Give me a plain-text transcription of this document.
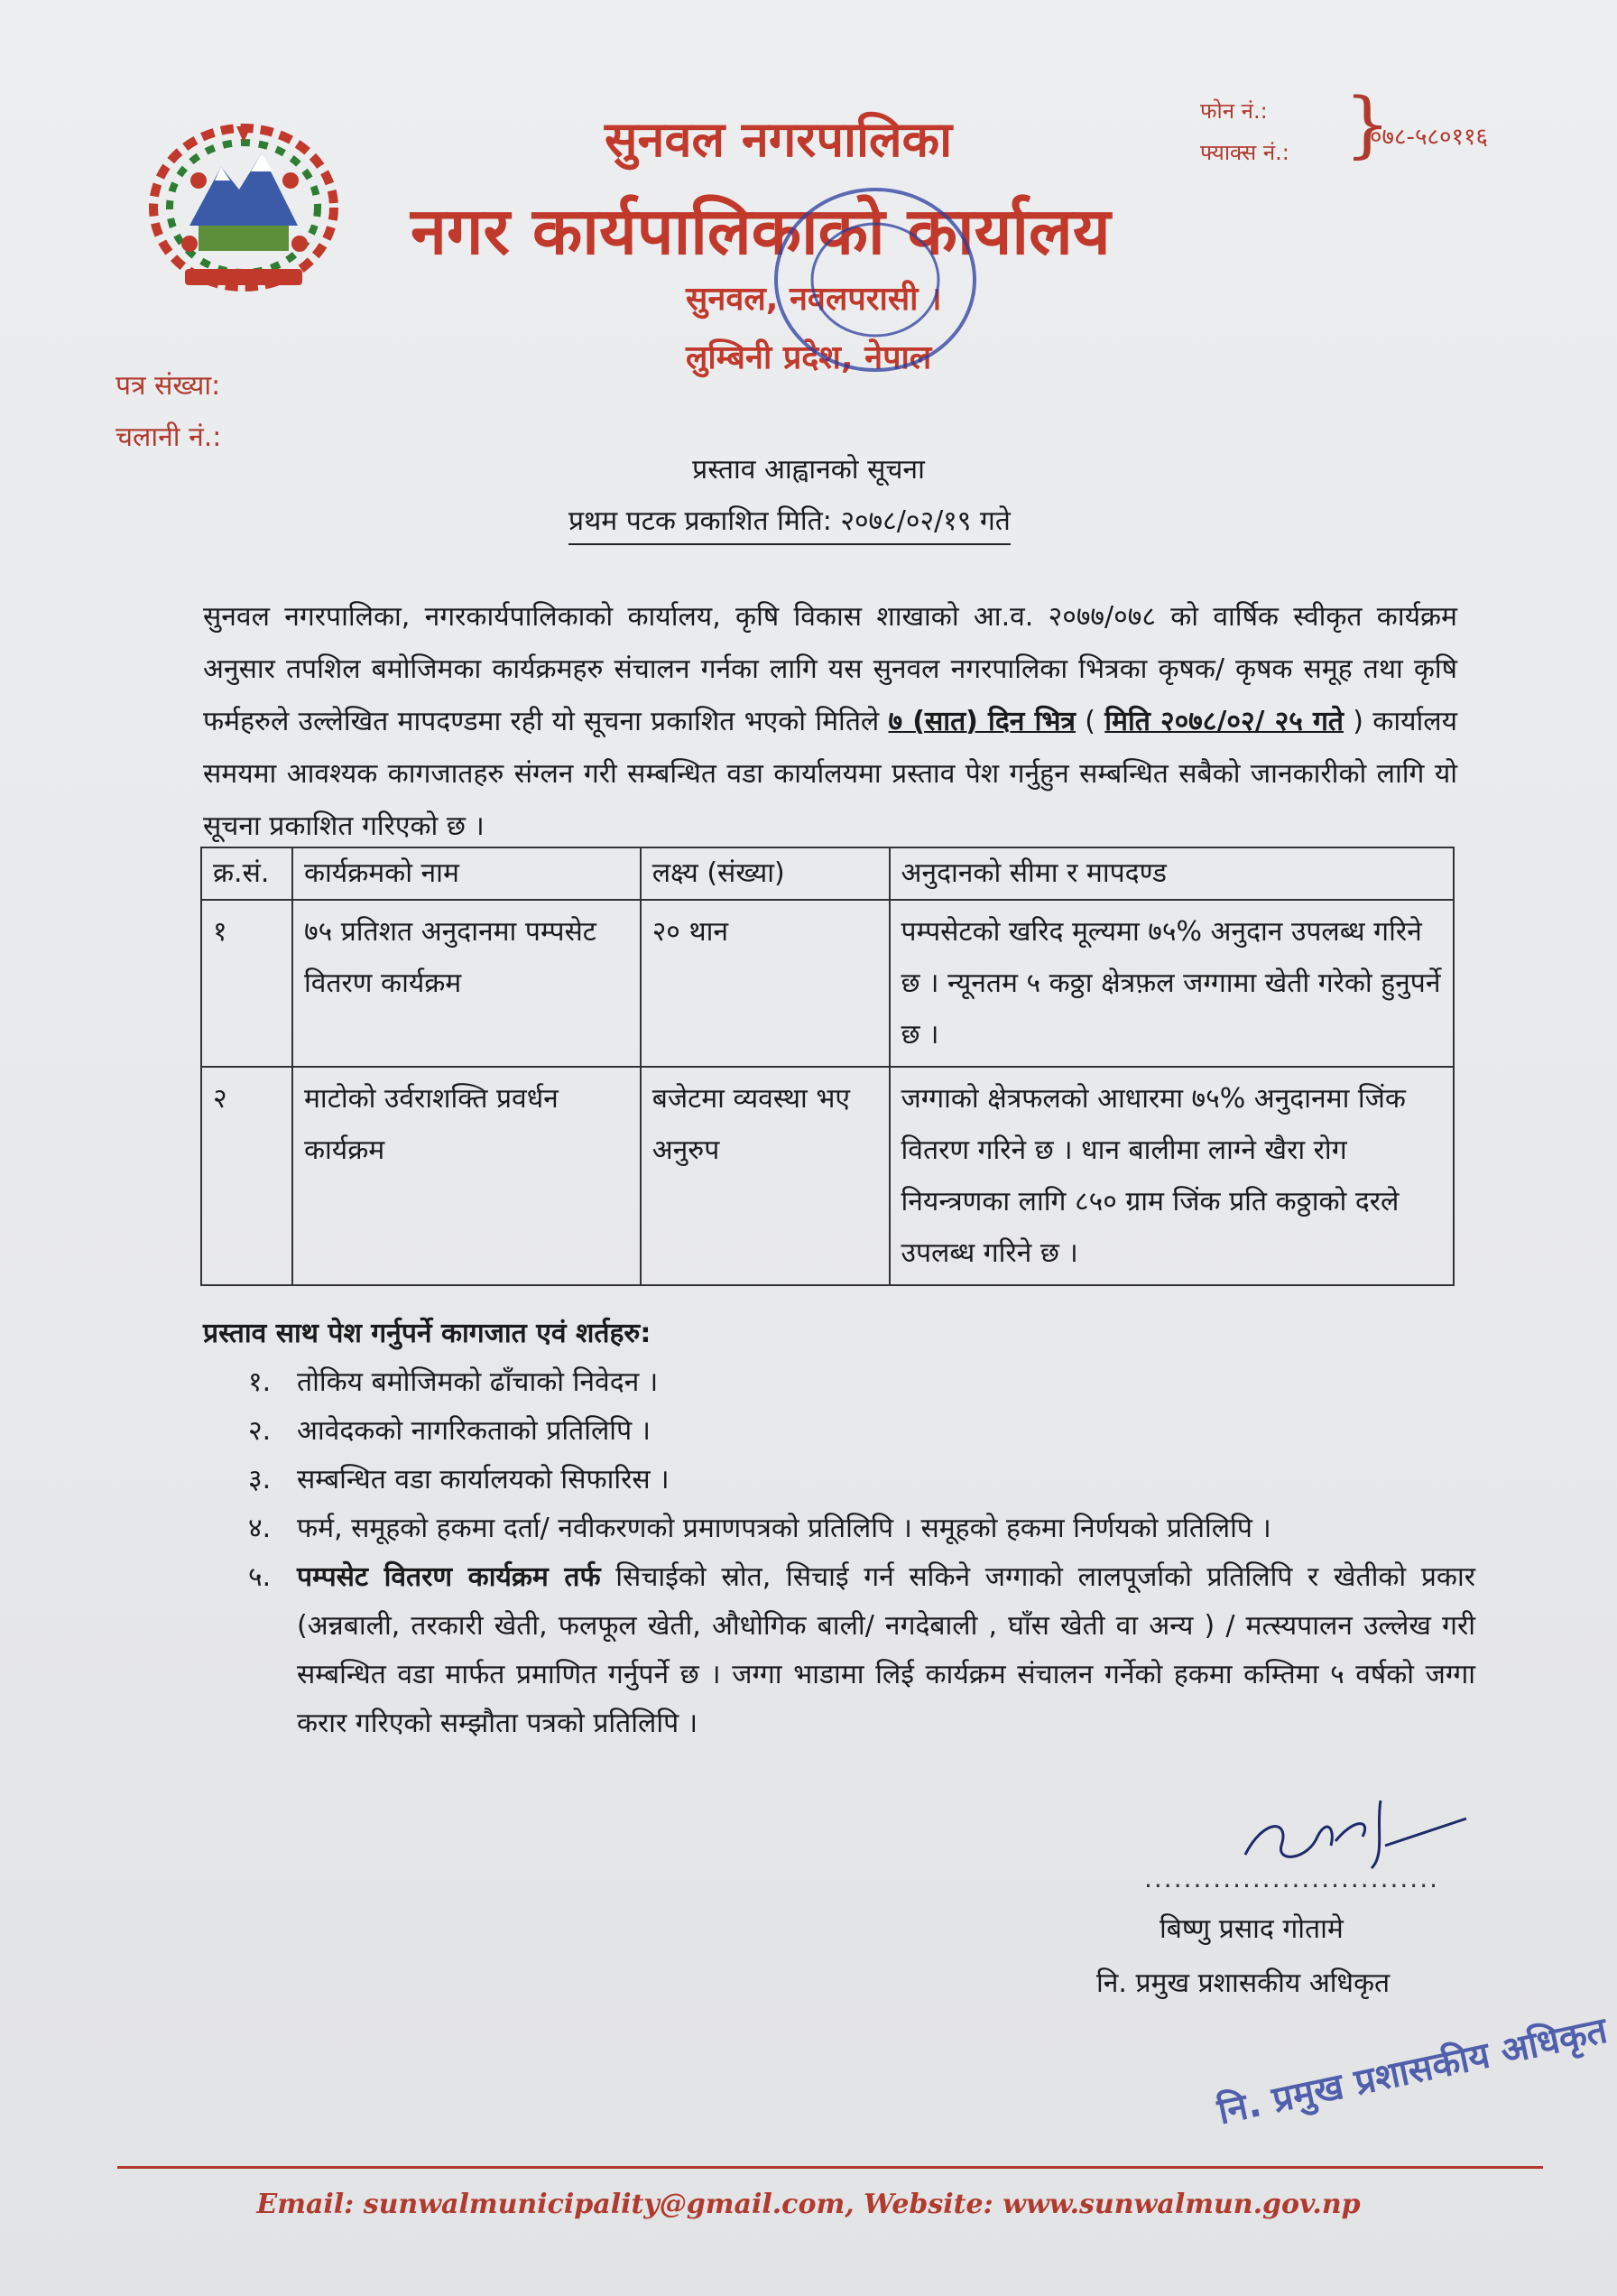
सुनवल नगरपालिका
नगर कार्यपालिकाको कार्यालय
सुनवल, नवलपरासी ।
लुम्बिनी प्रदेश, नेपाल
फोन नं.:
फ्याक्स नं.: }
०७८-५८०११६
पत्र संख्या:
चलानी नं.:
प्रस्ताव आह्वानको सूचना
प्रथम पटक प्रकाशित मिति: २०७८/०२/१९ गते
सुनवल नगरपालिका, नगरकार्यपालिकाको कार्यालय, कृषि विकास शाखाको आ.व. २०७७/०७८ को वार्षिक स्वीकृत कार्यक्रम अनुसार तपशिल बमोजिमका कार्यक्रमहरु संचालन गर्नका लागि यस सुनवल नगरपालिका भित्रका कृषक/ कृषक समूह तथा कृषि फर्महरुले उल्लेखित मापदण्डमा रही यो सूचना प्रकाशित भएको मितिले ७ (सात) दिन भित्र ( मिति २०७८/०२/ २५ गते ) कार्यालय समयमा आवश्यक कागजातहरु संग्लन गरी सम्बन्धित वडा कार्यालयमा प्रस्ताव पेश गर्नुहुन सम्बन्धित सबैको जानकारीको लागि यो सूचना प्रकाशित गरिएको छ ।
क्र.सं.	कार्यक्रमको नाम	लक्ष्य (संख्या)	अनुदानको सीमा र मापदण्ड
१	७५ प्रतिशत अनुदानमा पम्पसेट वितरण कार्यक्रम	२० थान	पम्पसेटको खरिद मूल्यमा ७५% अनुदान उपलब्ध गरिने छ । न्यूनतम ५ कठ्ठा क्षेत्रफ़ल जग्गामा खेती गरेको हुनुपर्ने छ ।
२	माटोको उर्वराशक्ति प्रवर्धन कार्यक्रम	बजेटमा व्यवस्था भए अनुरुप	जग्गाको क्षेत्रफलको आधारमा ७५% अनुदानमा जिंक वितरण गरिने छ । धान बालीमा लाग्ने खैरा रोग नियन्त्रणका लागि ८५० ग्राम जिंक प्रति कठ्ठाको दरले उपलब्ध गरिने छ ।
प्रस्ताव साथ पेश गर्नुपर्ने कागजात एवं शर्तहरु:
१. तोकिय बमोजिमको ढाँचाको निवेदन ।
२. आवेदकको नागरिकताको प्रतिलिपि ।
३. सम्बन्धित वडा कार्यालयको सिफारिस ।
४. फर्म, समूहको हकमा दर्ता/ नवीकरणको प्रमाणपत्रको प्रतिलिपि । समूहको हकमा निर्णयको प्रतिलिपि ।
५. पम्पसेट वितरण कार्यक्रम तर्फ सिचाईको स्रोत, सिचाई गर्न सकिने जग्गाको लालपूर्जाको प्रतिलिपि र खेतीको प्रकार (अन्नबाली, तरकारी खेती, फलफूल खेती, औधोगिक बाली/ नगदेबाली , घाँस खेती वा अन्य ) / मत्स्यपालन उल्लेख गरी सम्बन्धित वडा मार्फत प्रमाणित गर्नुपर्ने छ । जग्गा भाडामा लिई कार्यक्रम संचालन गर्नेको हकमा कम्तिमा ५ वर्षको जग्गा करार गरिएको सम्झौता पत्रको प्रतिलिपि ।
..............................
बिष्णु प्रसाद गोतामे
नि. प्रमुख प्रशासकीय अधिकृत
नि. प्रमुख प्रशासकीय अधिकृत
Email: sunwalmunicipality@gmail.com, Website: www.sunwalmun.gov.np
